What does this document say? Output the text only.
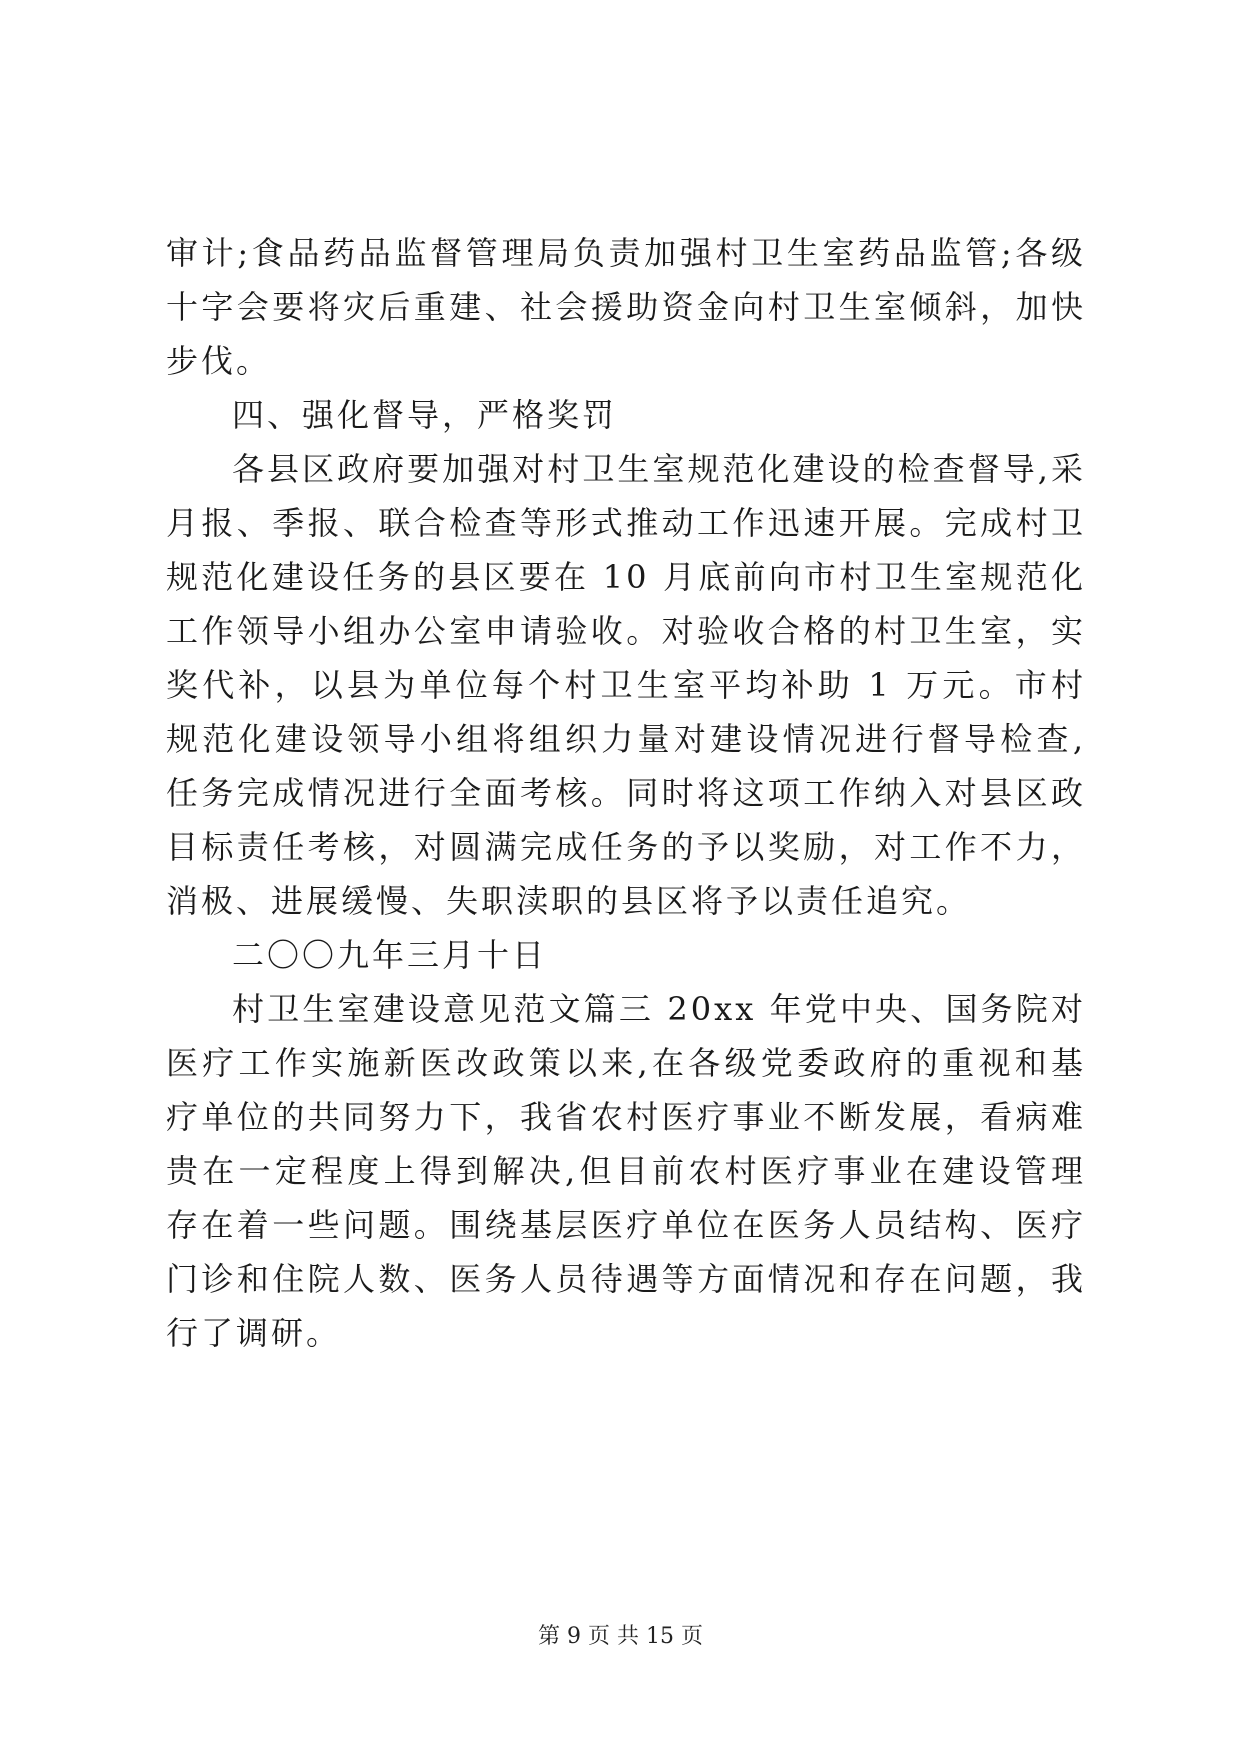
审计;食品药品监督管理局负责加强村卫生室药品监管;各级
十字会要将灾后重建、社会援助资金向村卫生室倾斜，加快
步伐。
四、强化督导，严格奖罚
各县区政府要加强对村卫生室规范化建设的检查督导,采
月报、季报、联合检查等形式推动工作迅速开展。完成村卫
规范化建设任务的县区要在 10 月底前向市村卫生室规范化
工作领导小组办公室申请验收。对验收合格的村卫生室，实
奖代补，以县为单位每个村卫生室平均补助 1 万元。市村
规范化建设领导小组将组织力量对建设情况进行督导检查,
任务完成情况进行全面考核。同时将这项工作纳入对县区政
目标责任考核，对圆满完成任务的予以奖励，对工作不力，
消极、进展缓慢、失职渎职的县区将予以责任追究。
二〇〇九年三月十日
村卫生室建设意见范文篇三 20xx 年党中央、国务院对
医疗工作实施新医改政策以来,在各级党委政府的重视和基
疗单位的共同努力下，我省农村医疗事业不断发展，看病难
贵在一定程度上得到解决,但目前农村医疗事业在建设管理
存在着一些问题。围绕基层医疗单位在医务人员结构、医疗
门诊和住院人数、医务人员待遇等方面情况和存在问题，我
行了调研。
第 9 页 共 15 页
